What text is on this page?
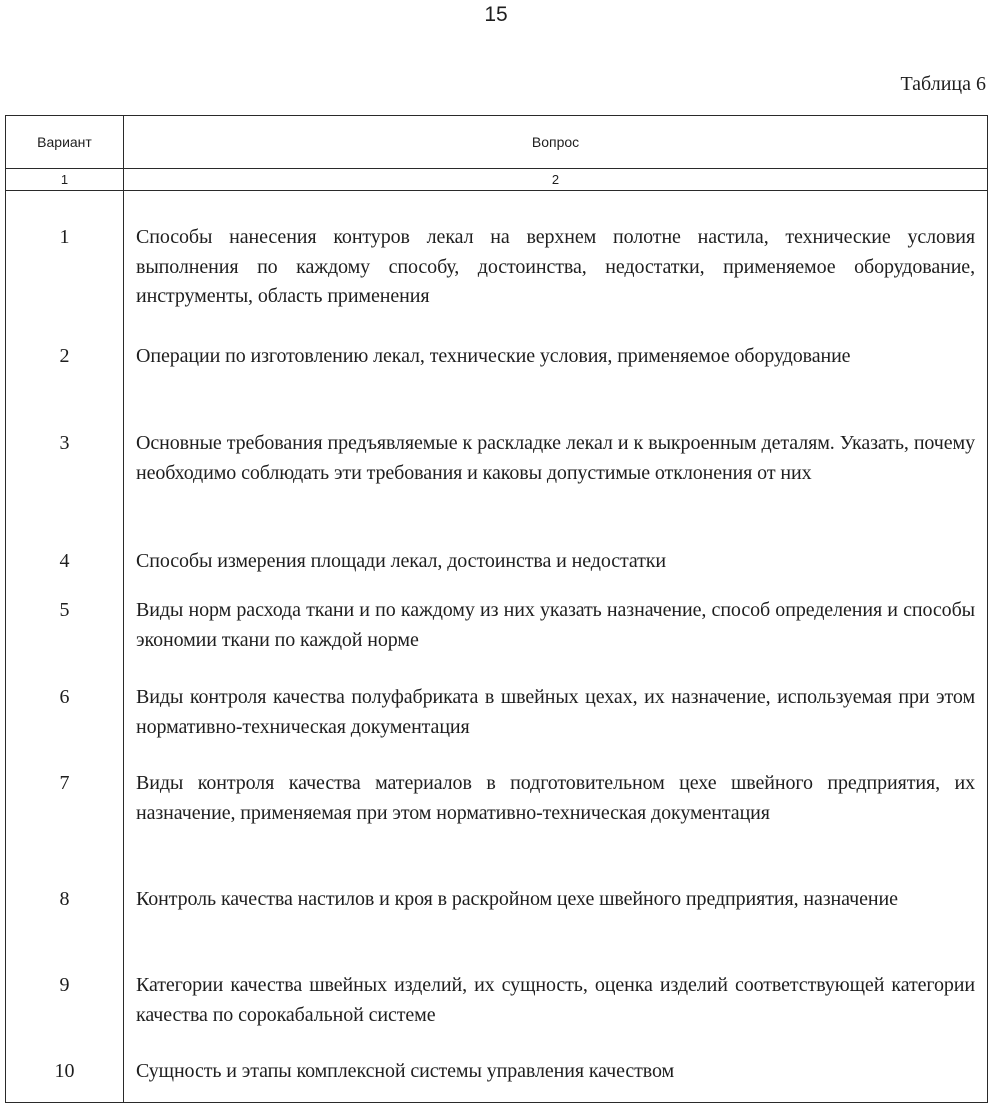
15
Таблица 6
Вариант	Вопрос
1	2
1	Способы нанесения контуров лекал на верхнем полотне настила, технические условия выполнения по каждому способу, достоинства, недостатки, применяемое оборудование, инструменты, область применения
2	Операции по изготовлению лекал, технические условия, применяемое оборудование
3	Основные требования предъявляемые к раскладке лекал и к выкроенным деталям. Указать, почему необходимо соблюдать эти требования и каковы допустимые отклонения от них
4	Способы измерения площади лекал, достоинства и недостатки
5	Виды норм расхода ткани и по каждому из них указать назначение, способ определения и способы экономии ткани по каждой норме
6	Виды контроля качества полуфабриката в швейных цехах, их назначение, используемая при этом нормативно-техническая документация
7	Виды контроля качества материалов в подготовительном цехе швейного предприятия, их назначение, применяемая при этом нормативно-техническая документация
8	Контроль качества настилов и кроя в раскройном цехе швейного предприятия, назначение
9	Категории качества швейных изделий, их сущность, оценка изделий соответствующей категории качества по сорокабальной системе
10	Сущность и этапы комплексной системы управления качеством
